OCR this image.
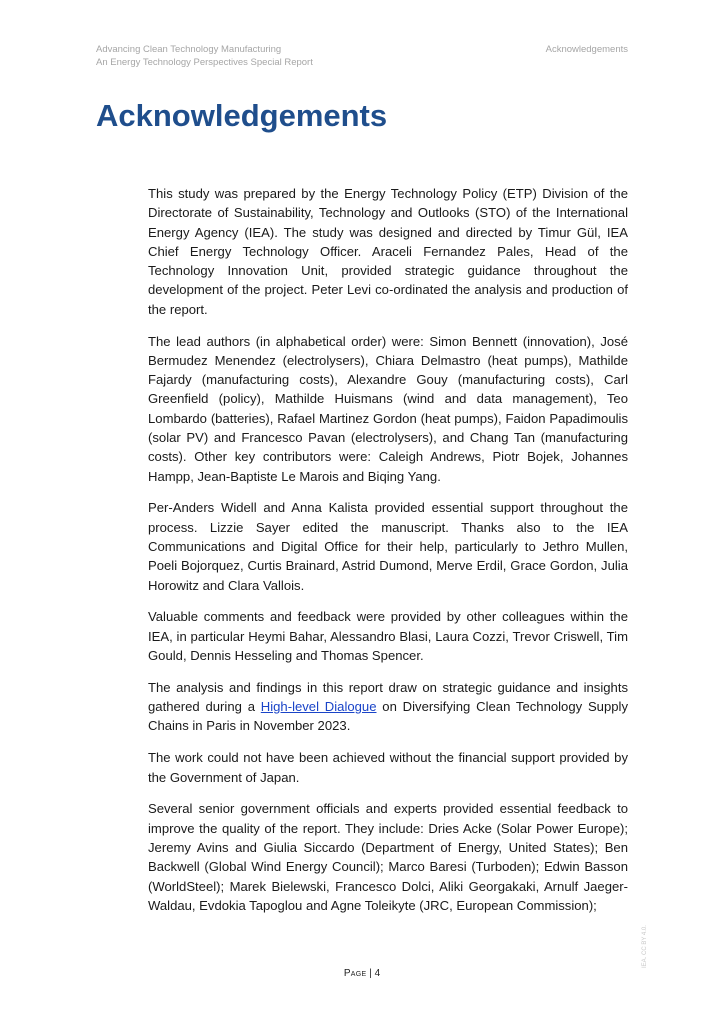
Advancing Clean Technology Manufacturing
An Energy Technology Perspectives Special Report
Acknowledgements
Acknowledgements

This study was prepared by the Energy Technology Policy (ETP) Division of the Directorate of Sustainability, Technology and Outlooks (STO) of the International Energy Agency (IEA). The study was designed and directed by Timur Gül, IEA Chief Energy Technology Officer. Araceli Fernandez Pales, Head of the Technology Innovation Unit, provided strategic guidance throughout the development of the project. Peter Levi co-ordinated the analysis and production of the report.

The lead authors (in alphabetical order) were: Simon Bennett (innovation), José Bermudez Menendez (electrolysers), Chiara Delmastro (heat pumps), Mathilde Fajardy (manufacturing costs), Alexandre Gouy (manufacturing costs), Carl Greenfield (policy), Mathilde Huismans (wind and data management), Teo Lombardo (batteries), Rafael Martinez Gordon (heat pumps), Faidon Papadimoulis (solar PV) and Francesco Pavan (electrolysers), and Chang Tan (manufacturing costs). Other key contributors were: Caleigh Andrews, Piotr Bojek, Johannes Hampp, Jean-Baptiste Le Marois and Biqing Yang.

Per-Anders Widell and Anna Kalista provided essential support throughout the process. Lizzie Sayer edited the manuscript. Thanks also to the IEA Communications and Digital Office for their help, particularly to Jethro Mullen, Poeli Bojorquez, Curtis Brainard, Astrid Dumond, Merve Erdil, Grace Gordon, Julia Horowitz and Clara Vallois.

Valuable comments and feedback were provided by other colleagues within the IEA, in particular Heymi Bahar, Alessandro Blasi, Laura Cozzi, Trevor Criswell, Tim Gould, Dennis Hesseling and Thomas Spencer.

The analysis and findings in this report draw on strategic guidance and insights gathered during a High-level Dialogue on Diversifying Clean Technology Supply Chains in Paris in November 2023.

The work could not have been achieved without the financial support provided by the Government of Japan.

Several senior government officials and experts provided essential feedback to improve the quality of the report. They include: Dries Acke (Solar Power Europe); Jeremy Avins and Giulia Siccardo (Department of Energy, United States); Ben Backwell (Global Wind Energy Council); Marco Baresi (Turboden); Edwin Basson (WorldSteel); Marek Bielewski, Francesco Dolci, Aliki Georgakaki, Arnulf Jaeger-Waldau, Evdokia Tapoglou and Agne Toleikyte (JRC, European Commission);

Page | 4
IEA. CC BY 4.0.
